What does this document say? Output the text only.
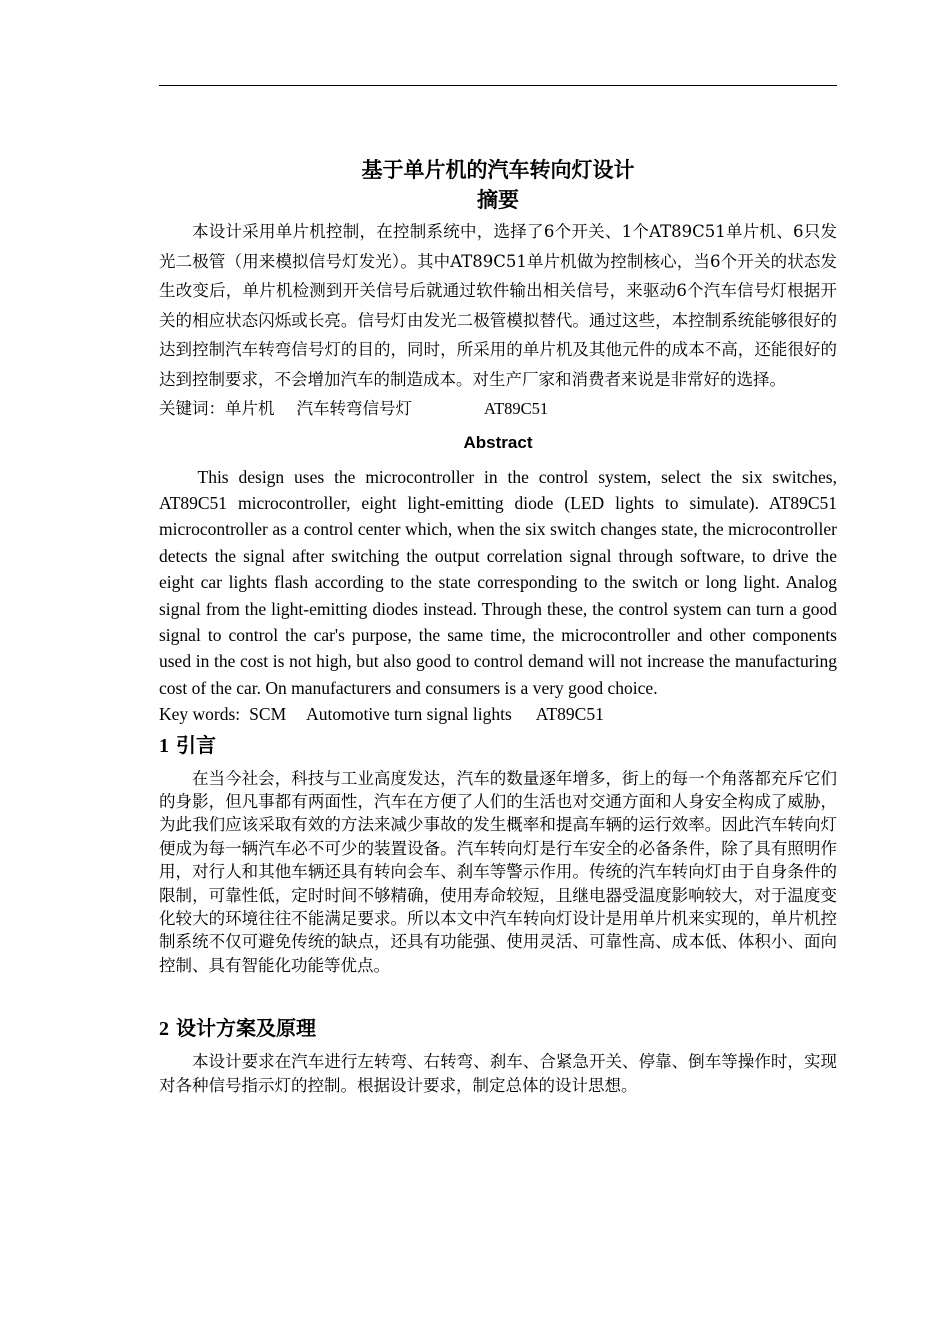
基于单片机的汽车转向灯设计
摘要

本设计采用单片机控制，在控制系统中，选择了6个开关、1个AT89C51单片机、6只发光二极管（用来模拟信号灯发光）。其中AT89C51单片机做为控制核心，当6个开关的状态发生改变后，单片机检测到开关信号后就通过软件输出相关信号，来驱动6个汽车信号灯根据开关的相应状态闪烁或长亮。信号灯由发光二极管模拟替代。通过这些，本控制系统能够很好的达到控制汽车转弯信号灯的目的，同时，所采用的单片机及其他元件的成本不高，还能很好的达到控制要求，不会增加汽车的制造成本。对生产厂家和消费者来说是非常好的选择。

关键词：单片机 汽车转弯信号灯	AT89C51

Abstract

This design uses the microcontroller in the control system, select the six switches, AT89C51 microcontroller, eight light-emitting diode (LED lights to simulate). AT89C51 microcontroller as a control center which, when the six switch changes state, the microcontroller detects the signal after switching the output correlation signal through software, to drive the eight car lights flash according to the state corresponding to the switch or long light. Analog signal from the light-emitting diodes instead. Through these, the control system can turn a good signal to control the car's purpose, the same time, the microcontroller and other components used in the cost is not high, but also good to control demand will not increase the manufacturing cost of the car. On manufacturers and consumers is a very good choice.

Key words: SCM Automotive turn signal lights AT89C51

1 引言

在当今社会，科技与工业高度发达，汽车的数量逐年增多，街上的每一个角落都充斥它们的身影，但凡事都有两面性，汽车在方便了人们的生活也对交通方面和人身安全构成了威胁，为此我们应该采取有效的方法来减少事故的发生概率和提高车辆的运行效率。因此汽车转向灯便成为每一辆汽车必不可少的装置设备。汽车转向灯是行车安全的必备条件，除了具有照明作用，对行人和其他车辆还具有转向会车、刹车等警示作用。传统的汽车转向灯由于自身条件的限制，可靠性低，定时时间不够精确，使用寿命较短，且继电器受温度影响较大，对于温度变化较大的环境往往不能满足要求。所以本文中汽车转向灯设计是用单片机来实现的，单片机控制系统不仅可避免传统的缺点，还具有功能强、使用灵活、可靠性高、成本低、体积小、面向控制、具有智能化功能等优点。

2 设计方案及原理

本设计要求在汽车进行左转弯、右转弯、刹车、合紧急开关、停靠、倒车等操作时，实现对各种信号指示灯的控制。根据设计要求，制定总体的设计思想。
